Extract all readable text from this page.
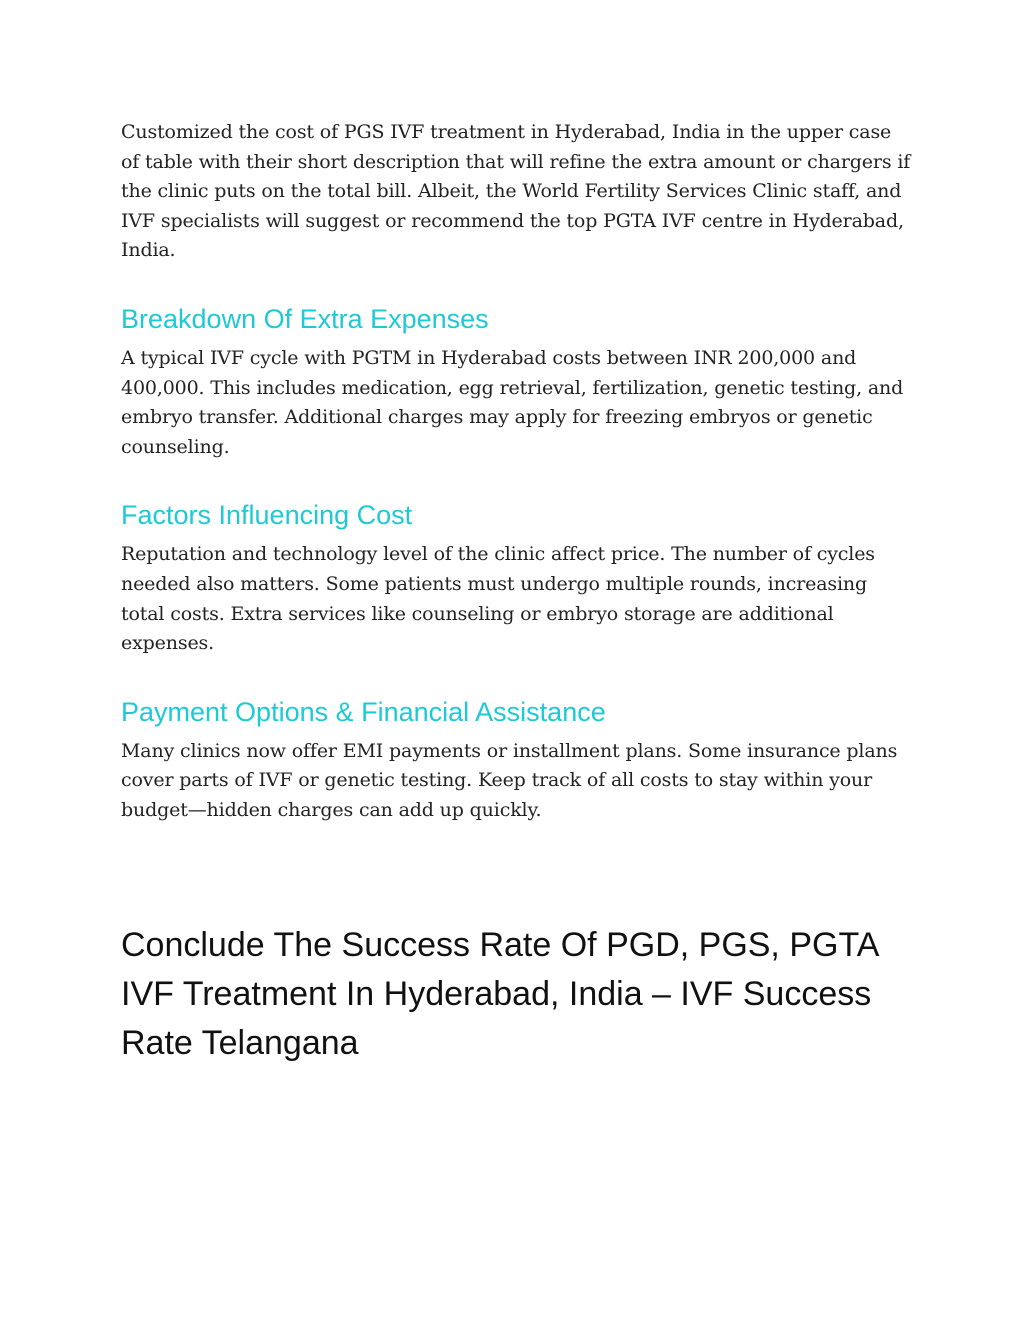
Customized the cost of PGS IVF treatment in Hyderabad, India in the upper case of table with their short description that will refine the extra amount or chargers if the clinic puts on the total bill. Albeit, the World Fertility Services Clinic staff, and IVF specialists will suggest or recommend the top PGTA IVF centre in Hyderabad, India.

Breakdown Of Extra Expenses

A typical IVF cycle with PGTM in Hyderabad costs between INR 200,000 and 400,000. This includes medication, egg retrieval, fertilization, genetic testing, and embryo transfer. Additional charges may apply for freezing embryos or genetic counseling.

Factors Influencing Cost

Reputation and technology level of the clinic affect price. The number of cycles needed also matters. Some patients must undergo multiple rounds, increasing total costs. Extra services like counseling or embryo storage are additional expenses.

Payment Options & Financial Assistance

Many clinics now offer EMI payments or installment plans. Some insurance plans cover parts of IVF or genetic testing. Keep track of all costs to stay within your budget—hidden charges can add up quickly.

Conclude The Success Rate Of PGD, PGS, PGTA IVF Treatment In Hyderabad, India – IVF Success Rate Telangana
